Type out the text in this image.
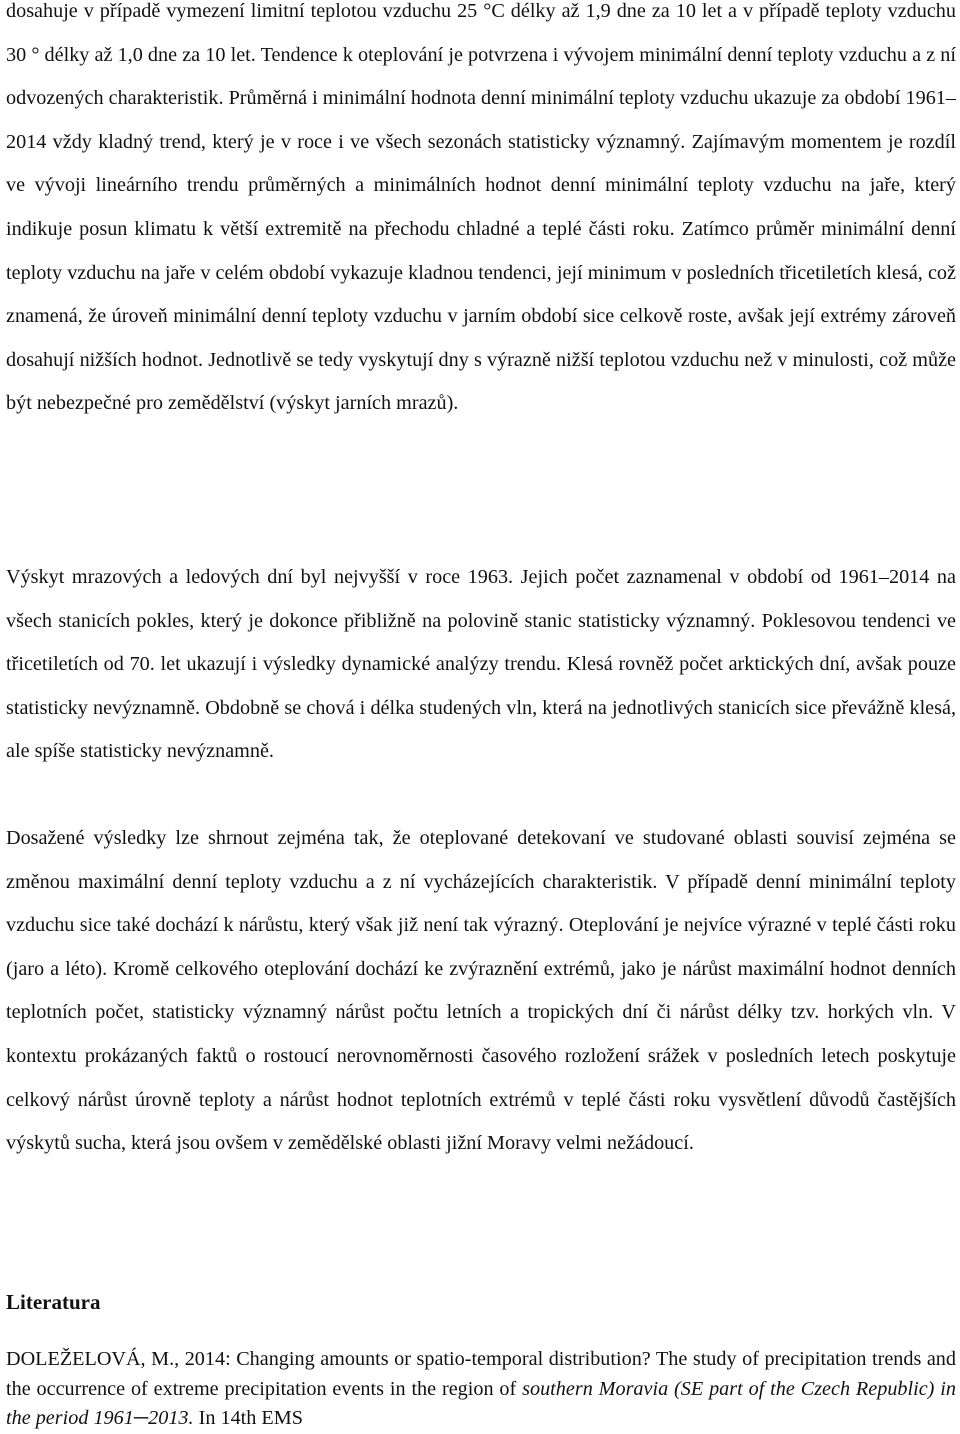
dosahuje v případě vymezení limitní teplotou vzduchu 25 °C délky až 1,9 dne za 10 let a v případě teploty vzduchu 30 ° délky až 1,0 dne za 10 let. Tendence k oteplování je potvrzena i vývojem minimální denní teploty vzduchu a z ní odvozených charakteristik. Průměrná i minimální hodnota denní minimální teploty vzduchu ukazuje za období 1961‒2014 vždy kladný trend, který je v roce i ve všech sezonách statisticky významný. Zajímavým momentem je rozdíl ve vývoji lineárního trendu průměrných a minimálních hodnot denní minimální teploty vzduchu na jaře, který indikuje posun klimatu k větší extremitě na přechodu chladné a teplé části roku. Zatímco průměr minimální denní teploty vzduchu na jaře v celém období vykazuje kladnou tendenci, její minimum v posledních třicetiletích klesá, což znamená, že úroveň minimální denní teploty vzduchu v jarním období sice celkově roste, avšak její extrémy zároveň dosahují nižších hodnot. Jednotlivě se tedy vyskytují dny s výrazně nižší teplotou vzduchu než v minulosti, což může být nebezpečné pro zemědělství (výskyt jarních mrazů).

Výskyt mrazových a ledových dní byl nejvyšší v roce 1963. Jejich počet zaznamenal v období od 1961‒2014 na všech stanicích pokles, který je dokonce přibližně na polovině stanic statisticky významný. Poklesovou tendenci ve třicetiletích od 70. let ukazují i výsledky dynamické analýzy trendu. Klesá rovněž počet arktických dní, avšak pouze statisticky nevýznamně. Obdobně se chová i délka studených vln, která na jednotlivých stanicích sice převážně klesá, ale spíše statisticky nevýznamně.

Dosažené výsledky lze shrnout zejména tak, že oteplované detekovaní ve studované oblasti souvisí zejména se změnou maximální denní teploty vzduchu a z ní vycházejících charakteristik. V případě denní minimální teploty vzduchu sice také dochází k nárůstu, který však již není tak výrazný. Oteplování je nejvíce výrazné v teplé části roku (jaro a léto). Kromě celkového oteplování dochází ke zvýraznění extrémů, jako je nárůst maximální hodnot denních teplotních počet, statisticky významný nárůst počtu letních a tropických dní či nárůst délky tzv. horkých vln. V kontextu prokázaných faktů o rostoucí nerovnoměrnosti časového rozložení srážek v posledních letech poskytuje celkový nárůst úrovně teploty a nárůst hodnot teplotních extrémů v teplé části roku vysvětlení důvodů častějších výskytů sucha, která jsou ovšem v zemědělské oblasti jižní Moravy velmi nežádoucí.

Literatura

DOLEŽELOVÁ, M., 2014: Changing amounts or spatio-temporal distribution? The study of precipitation trends and the occurrence of extreme precipitation events in the region of southern Moravia (SE part of the Czech Republic) in the period 1961─2013. In 14th EMS
